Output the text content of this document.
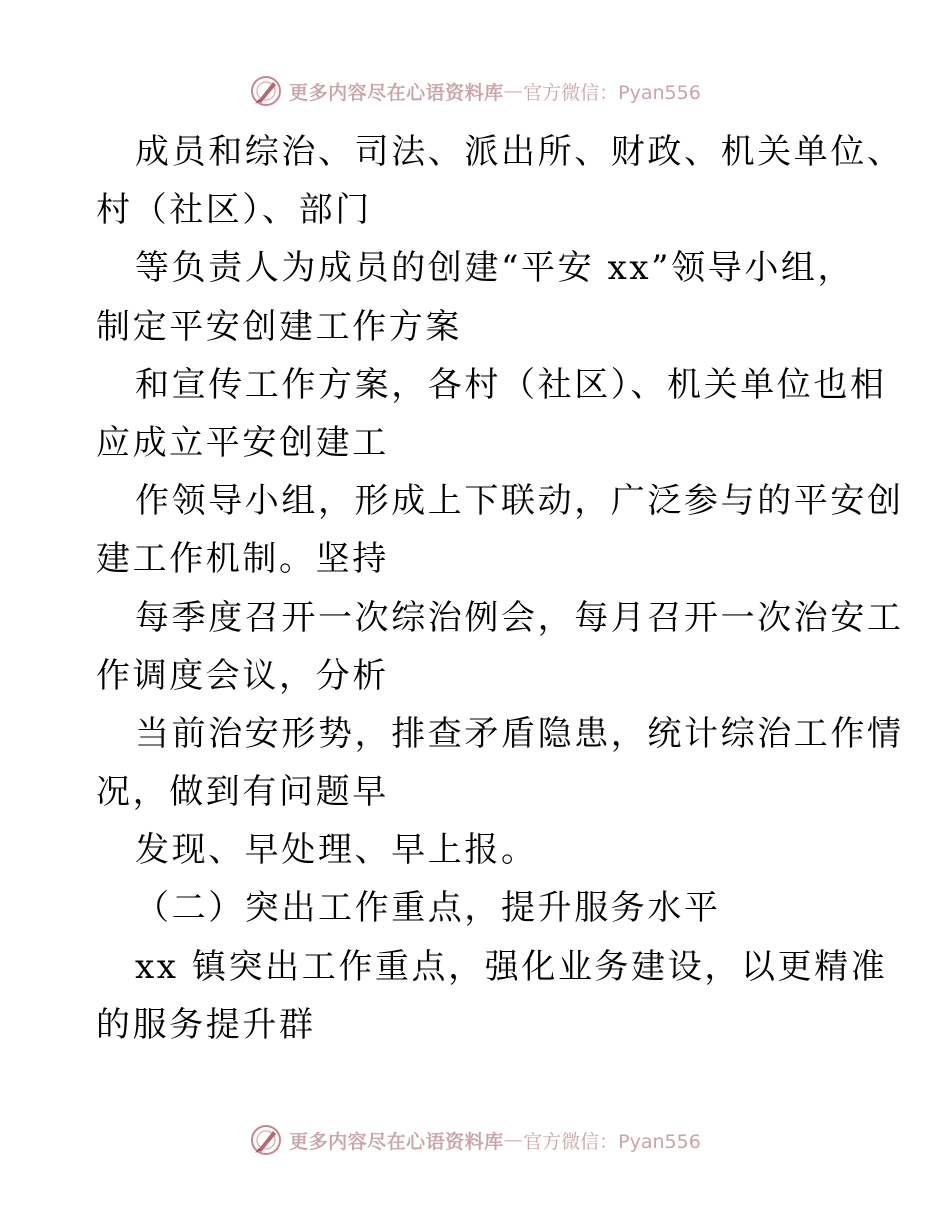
更多内容尽在心语资料库 — 官方微信：Pyan556
成员和综治、司法、派出所、财政、机关单位、
村（社区）、部门
等负责人为成员的创建“平安 xx”领导小组，
制定平安创建工作方案
和宣传工作方案，各村（社区）、机关单位也相
应成立平安创建工
作领导小组，形成上下联动，广泛参与的平安创
建工作机制。坚持
每季度召开一次综治例会，每月召开一次治安工
作调度会议，分析
当前治安形势，排查矛盾隐患，统计综治工作情
况，做到有问题早
发现、早处理、早上报。
（二）突出工作重点，提升服务水平
xx 镇突出工作重点，强化业务建设，以更精准
的服务提升群
更多内容尽在心语资料库 — 官方微信：Pyan556
